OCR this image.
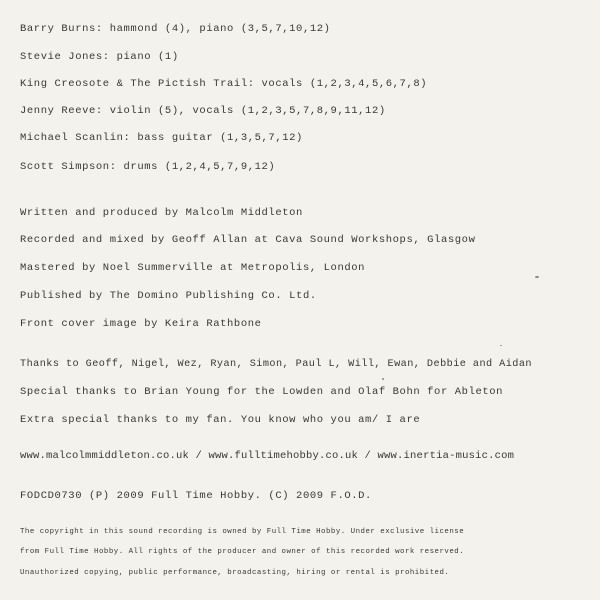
Barry Burns: hammond (4), piano (3,5,7,10,12)
Stevie Jones: piano (1)
King Creosote & The Pictish Trail: vocals (1,2,3,4,5,6,7,8)
Jenny Reeve: violin (5), vocals (1,2,3,5,7,8,9,11,12)
Michael Scanlin: bass guitar (1,3,5,7,12)
Scott Simpson: drums (1,2,4,5,7,9,12)
Written and produced by Malcolm Middleton
Recorded and mixed by Geoff Allan at Cava Sound Workshops, Glasgow
Mastered by Noel Summerville at Metropolis, London
Published by The Domino Publishing Co. Ltd.
Front cover image by Keira Rathbone
Thanks to Geoff, Nigel, Wez, Ryan, Simon, Paul L, Will, Ewan, Debbie and Aidan
Special thanks to Brian Young for the Lowden and Olaf Bohn for Ableton
Extra special thanks to my fan. You know who you am/ I are
www.malcolmmiddleton.co.uk / www.fulltimehobby.co.uk / www.inertia-music.com
FODCD0730 (P) 2009 Full Time Hobby. (C) 2009 F.O.D.
The copyright in this sound recording is owned by Full Time Hobby. Under exclusive license
from Full Time Hobby. All rights of the producer and owner of this recorded work reserved.
Unauthorized copying, public performance, broadcasting, hiring or rental is prohibited.
